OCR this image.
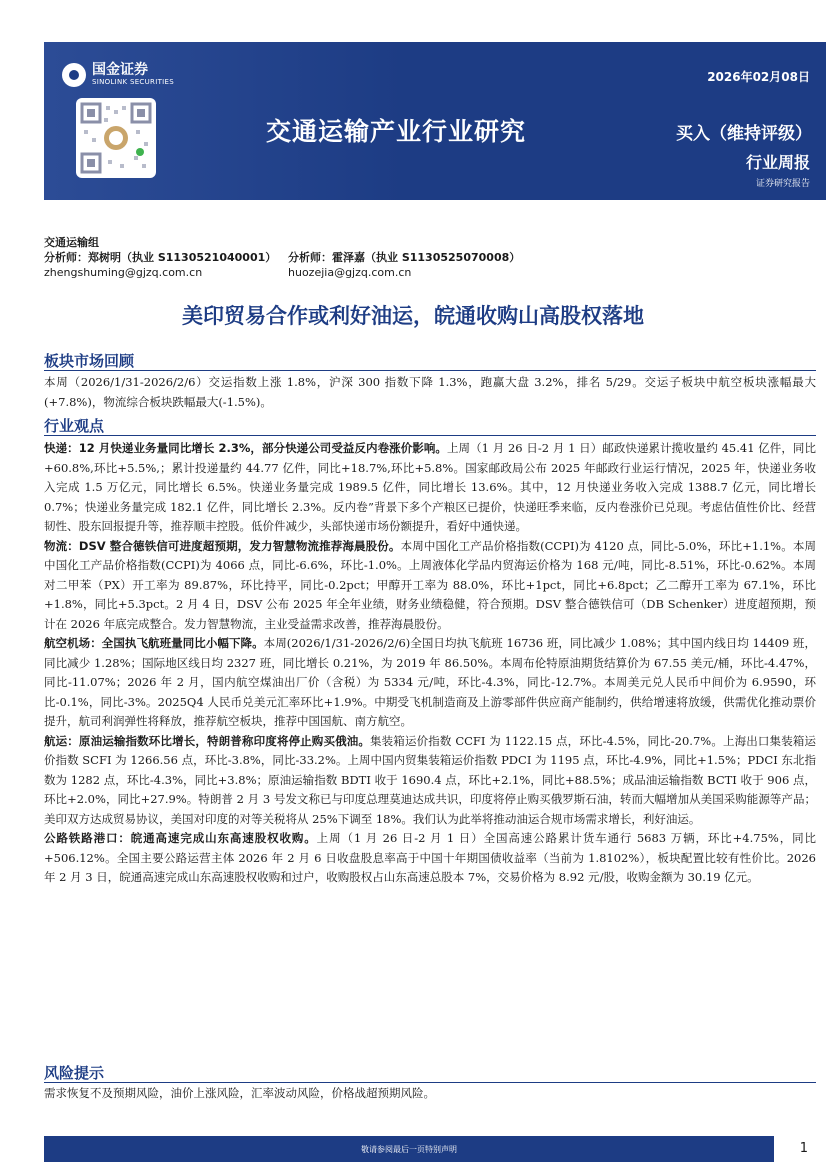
国金证券
SINOLINK SECURITIES	2026年02月08日
交通运输产业行业研究	买入（维持评级）
行业周报
证券研究报告
交通运输组
分析师：郑树明（执业 S1130521040001） 分析师：霍泽嘉（执业 S1130525070008）
zhengshuming@gjzq.com.cn	huozejia@gjzq.com.cn
美印贸易合作或利好油运，皖通收购山高股权落地
板块市场回顾
本周（2026/1/31-2026/2/6）交运指数上涨 1.8%，沪深 300 指数下降 1.3%，跑赢大盘 3.2%，排名 5/29。交运子板块中航空板块涨幅最大(+7.8%)，物流综合板块跌幅最大(-1.5%)。
行业观点
快递：12 月快递业务量同比增长 2.3%，部分快递公司受益反内卷涨价影响。上周（1 月 26 日-2 月 1 日）邮政快递累计揽收量约 45.41 亿件，同比+60.8%,环比+5.5%,；累计投递量约 44.77 亿件，同比+18.7%,环比+5.8%。国家邮政局公布 2025 年邮政行业运行情况，2025 年，快递业务收入完成 1.5 万亿元，同比增长 6.5%。快递业务量完成 1989.5 亿件，同比增长 13.6%。其中，12 月快递业务收入完成 1388.7 亿元，同比增长 0.7%；快递业务量完成 182.1 亿件，同比增长 2.3%。反内卷”背景下多个产粮区已提价，快递旺季来临，反内卷涨价已兑现。考虑估值性价比、经营韧性、股东回报提升等，推荐顺丰控股。低价件减少，头部快递市场份额提升，看好中通快递。
物流：DSV 整合德铁信可进度超预期，发力智慧物流推荐海晨股份。本周中国化工产品价格指数(CCPI)为 4120 点，同比-5.0%，环比+1.1%。本周中国化工产品价格指数(CCPI)为 4066 点，同比-6.6%，环比-1.0%。上周液体化学品内贸海运价格为 168 元/吨，同比-8.51%，环比-0.62%。本周对二甲苯（PX）开工率为 89.87%，环比持平，同比-0.2pct；甲醇开工率为 88.0%，环比+1pct，同比+6.8pct；乙二醇开工率为 67.1%，环比+1.8%，同比+5.3pct。2 月 4 日，DSV 公布 2025 年全年业绩，财务业绩稳健，符合预期。DSV 整合德铁信可（DB Schenker）进度超预期，预计在 2026 年底完成整合。发力智慧物流，主业受益需求改善，推荐海晨股份。
航空机场：全国执飞航班量同比小幅下降。本周(2026/1/31-2026/2/6)全国日均执飞航班 16736 班，同比减少 1.08%；其中国内线日均 14409 班，同比减少 1.28%；国际地区线日均 2327 班，同比增长 0.21%，为 2019 年 86.50%。本周布伦特原油期货结算价为 67.55 美元/桶，环比-4.47%，同比-11.07%；2026 年 2 月，国内航空煤油出厂价（含税）为 5334 元/吨，环比-4.3%，同比-12.7%。本周美元兑人民币中间价为 6.9590，环比-0.1%，同比-3%。2025Q4 人民币兑美元汇率环比+1.9%。中期受飞机制造商及上游零部件供应商产能制约，供给增速将放缓，供需优化推动票价提升，航司利润弹性将释放，推荐航空板块，推荐中国国航、南方航空。
航运：原油运输指数环比增长，特朗普称印度将停止购买俄油。集装箱运价指数 CCFI 为 1122.15 点，环比-4.5%，同比-20.7%。上海出口集装箱运价指数 SCFI 为 1266.56 点，环比-3.8%，同比-33.2%。上周中国内贸集装箱运价指数 PDCI 为 1195 点，环比-4.9%，同比+1.5%；PDCI 东北指数为 1282 点，环比-4.3%，同比+3.8%；原油运输指数 BDTI 收于 1690.4 点，环比+2.1%，同比+88.5%；成品油运输指数 BCTI 收于 906 点，环比+2.0%，同比+27.9%。特朗普 2 月 3 号发文称已与印度总理莫迪达成共识，印度将停止购买俄罗斯石油，转而大幅增加从美国采购能源等产品；美印双方达成贸易协议，美国对印度的对等关税将从 25%下调至 18%。我们认为此举将推动油运合规市场需求增长，利好油运。
公路铁路港口：皖通高速完成山东高速股权收购。上周（1 月 26 日-2 月 1 日）全国高速公路累计货车通行 5683 万辆，环比+4.75%，同比+506.12%。全国主要公路运营主体 2026 年 2 月 6 日收盘股息率高于中国十年期国债收益率（当前为 1.8102%），板块配置比较有性价比。2026 年 2 月 3 日，皖通高速完成山东高速股权收购和过户，收购股权占山东高速总股本 7%，交易价格为 8.92 元/股，收购金额为 30.19 亿元。
风险提示
需求恢复不及预期风险，油价上涨风险，汇率波动风险，价格战超预期风险。
敬请参阅最后一页特别声明	1
